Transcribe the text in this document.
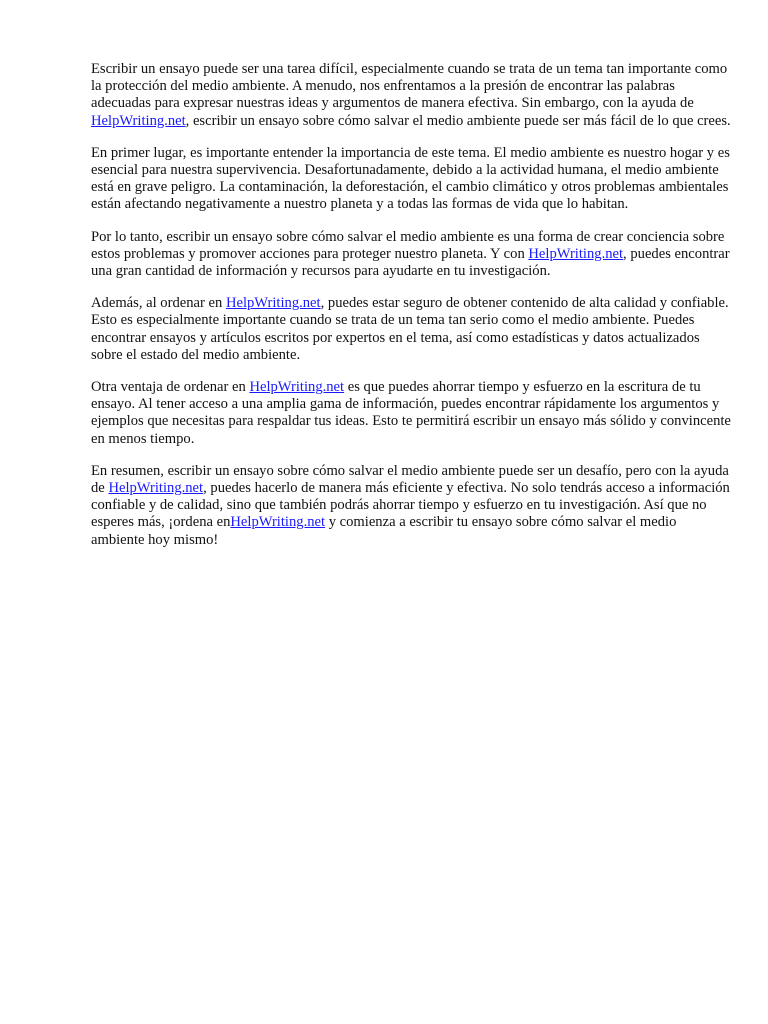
Escribir un ensayo puede ser una tarea difícil, especialmente cuando se trata de un tema tan importante como la protección del medio ambiente. A menudo, nos enfrentamos a la presión de encontrar las palabras adecuadas para expresar nuestras ideas y argumentos de manera efectiva. Sin embargo, con la ayuda de HelpWriting.net, escribir un ensayo sobre cómo salvar el medio ambiente puede ser más fácil de lo que crees.

En primer lugar, es importante entender la importancia de este tema. El medio ambiente es nuestro hogar y es esencial para nuestra supervivencia. Desafortunadamente, debido a la actividad humana, el medio ambiente está en grave peligro. La contaminación, la deforestación, el cambio climático y otros problemas ambientales están afectando negativamente a nuestro planeta y a todas las formas de vida que lo habitan.

Por lo tanto, escribir un ensayo sobre cómo salvar el medio ambiente es una forma de crear conciencia sobre estos problemas y promover acciones para proteger nuestro planeta. Y con HelpWriting.net, puedes encontrar una gran cantidad de información y recursos para ayudarte en tu investigación.

Además, al ordenar en HelpWriting.net, puedes estar seguro de obtener contenido de alta calidad y confiable. Esto es especialmente importante cuando se trata de un tema tan serio como el medio ambiente. Puedes encontrar ensayos y artículos escritos por expertos en el tema, así como estadísticas y datos actualizados sobre el estado del medio ambiente.

Otra ventaja de ordenar en HelpWriting.net es que puedes ahorrar tiempo y esfuerzo en la escritura de tu ensayo. Al tener acceso a una amplia gama de información, puedes encontrar rápidamente los argumentos y ejemplos que necesitas para respaldar tus ideas. Esto te permitirá escribir un ensayo más sólido y convincente en menos tiempo.

En resumen, escribir un ensayo sobre cómo salvar el medio ambiente puede ser un desafío, pero con la ayuda de HelpWriting.net, puedes hacerlo de manera más eficiente y efectiva. No solo tendrás acceso a información confiable y de calidad, sino que también podrás ahorrar tiempo y esfuerzo en tu investigación. Así que no esperes más, ¡ordena enHelpWriting.net y comienza a escribir tu ensayo sobre cómo salvar el medio ambiente hoy mismo!
